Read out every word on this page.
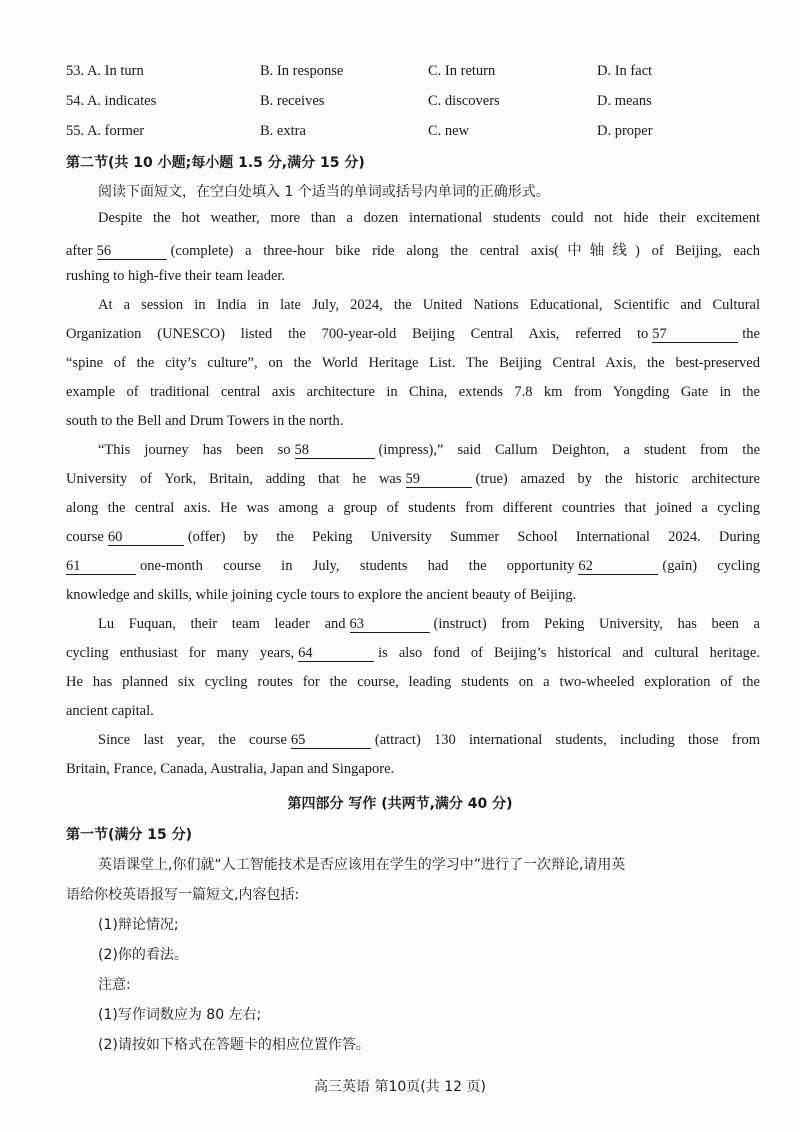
53. A. In turn	B. In response	C. In return	D. In fact
54. A. indicates	B. receives	C. discovers	D. means
55. A. former	B. extra	C. new	D. proper
第二节(共 10 小题;每小题 1.5 分,满分 15 分)
阅读下面短文，在空白处填入 1 个适当的单词或括号内单词的正确形式。
Despite the hot weather, more than a dozen international students could not hide their excitement
after 56	(complete) a three-hour bike ride along the central axis(中轴线) of Beijing, each
rushing to high-five their team leader.
At a session in India in late July, 2024, the United Nations Educational, Scientific and Cultural
Organization (UNESCO) listed the 700-year-old Beijing Central Axis, referred to 57	the
“spine of the city’s culture”, on the World Heritage List. The Beijing Central Axis, the best-preserved
example of traditional central axis architecture in China, extends 7.8 km from Yongding Gate in the
south to the Bell and Drum Towers in the north.
“This journey has been so 58	(impress),” said Callum Deighton, a student from the
University of York, Britain, adding that he was 59	(true) amazed by the historic architecture
along the central axis. He was among a group of students from different countries that joined a cycling
course 60	(offer) by the Peking University Summer School International 2024. During
61	one-month course in July, students had the opportunity 62	(gain) cycling
knowledge and skills, while joining cycle tours to explore the ancient beauty of Beijing.
Lu Fuquan, their team leader and 63	(instruct) from Peking University, has been a
cycling enthusiast for many years, 64	is also fond of Beijing’s historical and cultural heritage.
He has planned six cycling routes for the course, leading students on a two-wheeled exploration of the
ancient capital.
Since last year, the course 65	(attract) 130 international students, including those from
Britain, France, Canada, Australia, Japan and Singapore.
第四部分 写作 (共两节,满分 40 分)
第一节(满分 15 分)
英语课堂上,你们就“人工智能技术是否应该用在学生的学习中”进行了一次辩论,请用英
语给你校英语报写一篇短文,内容包括:
(1)辩论情况;
(2)你的看法。
注意:
(1)写作词数应为 80 左右;
(2)请按如下格式在答题卡的相应位置作答。
高三英语 第10页(共 12 页)
